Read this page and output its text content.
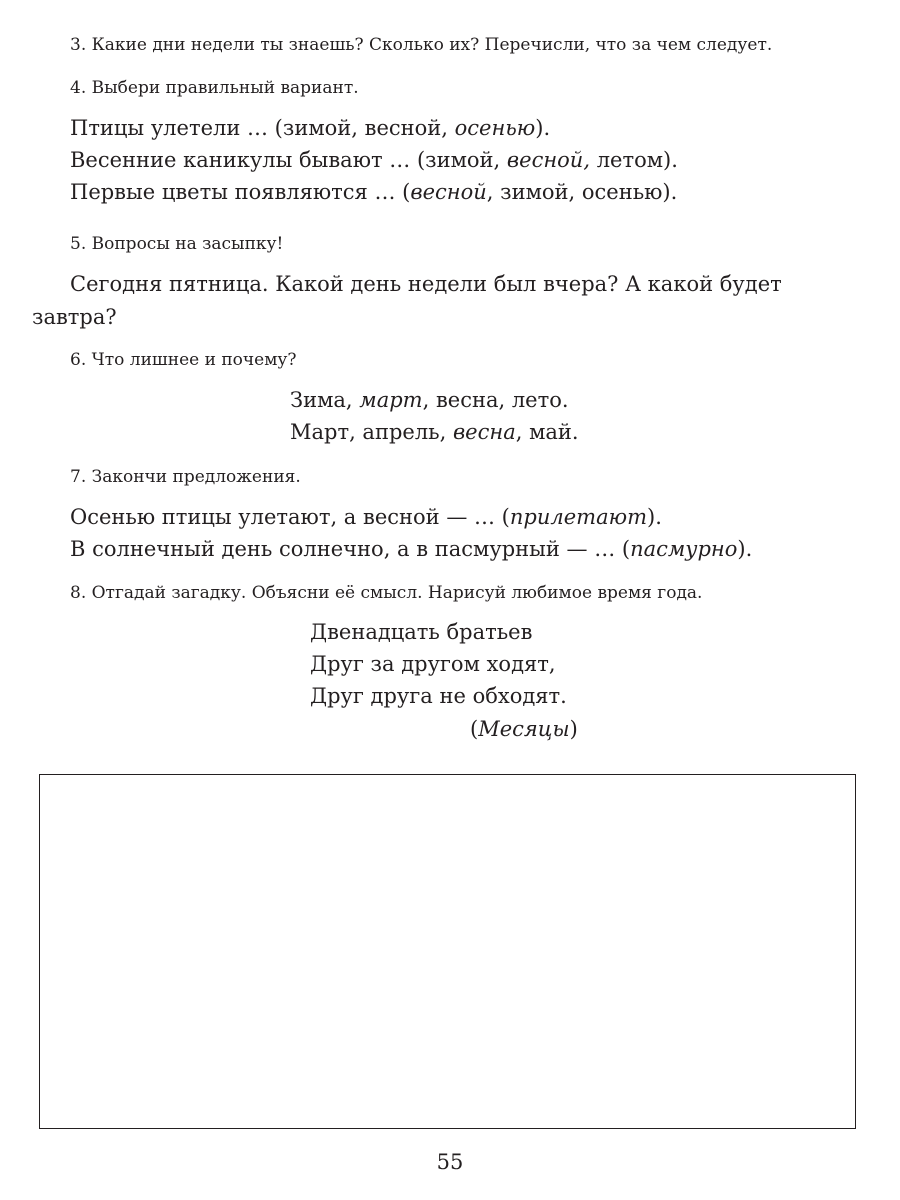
3. Какие дни недели ты знаешь? Сколько их? Перечисли, что за чем следует.
4. Выбери правильный вариант.
Птицы улетели … (зимой, весной, осенью).
Весенние каникулы бывают … (зимой, весной, летом).
Первые цветы появляются … (весной, зимой, осенью).
5. Вопросы на засыпку!
Сегодня пятница. Какой день недели был вчера? А какой будет
завтра?
6. Что лишнее и почему?
Зима, март, весна, лето.
Март, апрель, весна, май.
7. Закончи предложения.
Осенью птицы улетают, а весной — … (прилетают).
В солнечный день солнечно, а в пасмурный — … (пасмурно).
8. Отгадай загадку. Объясни её смысл. Нарисуй любимое время года.
Двенадцать братьев
Друг за другом ходят,
Друг друга не обходят.
(Месяцы)
55
